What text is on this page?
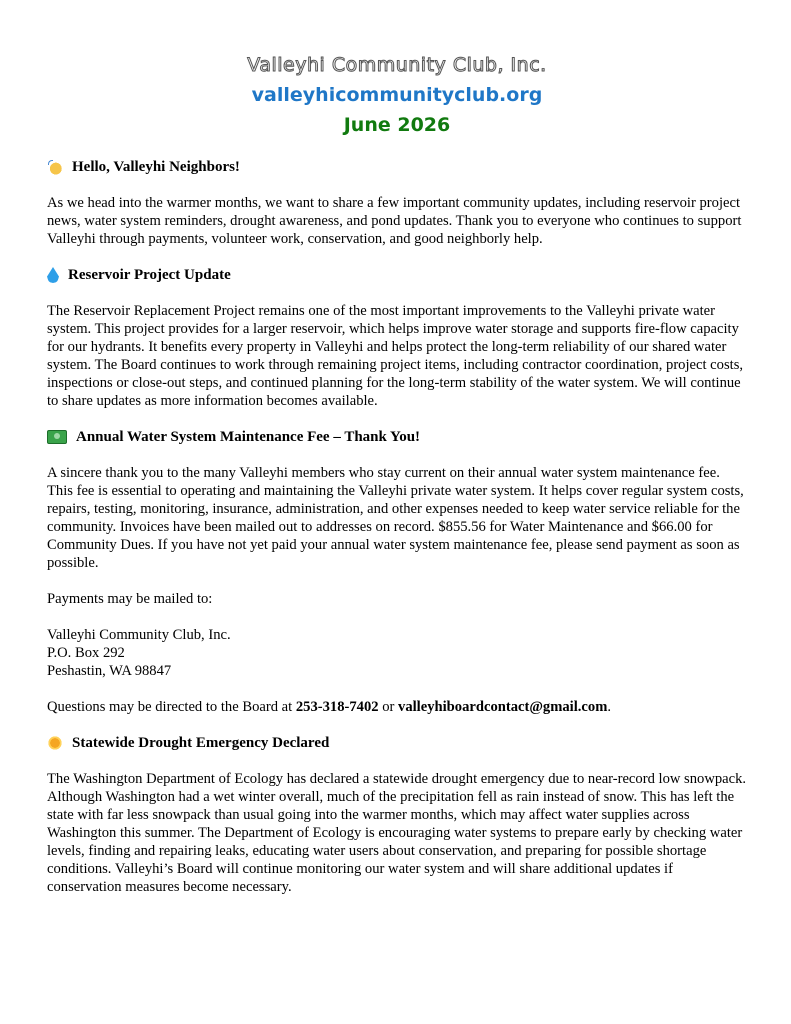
Valleyhi Community Club, Inc.
valleyhicommunityclub.org
June 2026
Hello, Valleyhi Neighbors!

As we head into the warmer months, we want to share a few important community updates, including reservoir project news, water system reminders, drought awareness, and pond updates. Thank you to everyone who continues to support Valleyhi through payments, volunteer work, conservation, and good neighborly help.

Reservoir Project Update

The Reservoir Replacement Project remains one of the most important improvements to the Valleyhi private water system. This project provides for a larger reservoir, which helps improve water storage and supports fire-flow capacity for our hydrants. It benefits every property in Valleyhi and helps protect the long-term reliability of our shared water system. The Board continues to work through remaining project items, including contractor coordination, project costs, inspections or close-out steps, and continued planning for the long-term stability of the water system. We will continue to share updates as more information becomes available.

Annual Water System Maintenance Fee – Thank You!

A sincere thank you to the many Valleyhi members who stay current on their annual water system maintenance fee. This fee is essential to operating and maintaining the Valleyhi private water system. It helps cover regular system costs, repairs, testing, monitoring, insurance, administration, and other expenses needed to keep water service reliable for the community. Invoices have been mailed out to addresses on record. $855.56 for Water Maintenance and $66.00 for Community Dues. If you have not yet paid your annual water system maintenance fee, please send payment as soon as possible.

Payments may be mailed to:

Valleyhi Community Club, Inc.

P.O. Box 292

Peshastin, WA 98847

Questions may be directed to the Board at 253-318-7402 or valleyhiboardcontact@gmail.com.

Statewide Drought Emergency Declared

The Washington Department of Ecology has declared a statewide drought emergency due to near-record low snowpack. Although Washington had a wet winter overall, much of the precipitation fell as rain instead of snow. This has left the state with far less snowpack than usual going into the warmer months, which may affect water supplies across Washington this summer. The Department of Ecology is encouraging water systems to prepare early by checking water levels, finding and repairing leaks, educating water users about conservation, and preparing for possible shortage conditions. Valleyhi’s Board will continue monitoring our water system and will share additional updates if conservation measures become necessary.
